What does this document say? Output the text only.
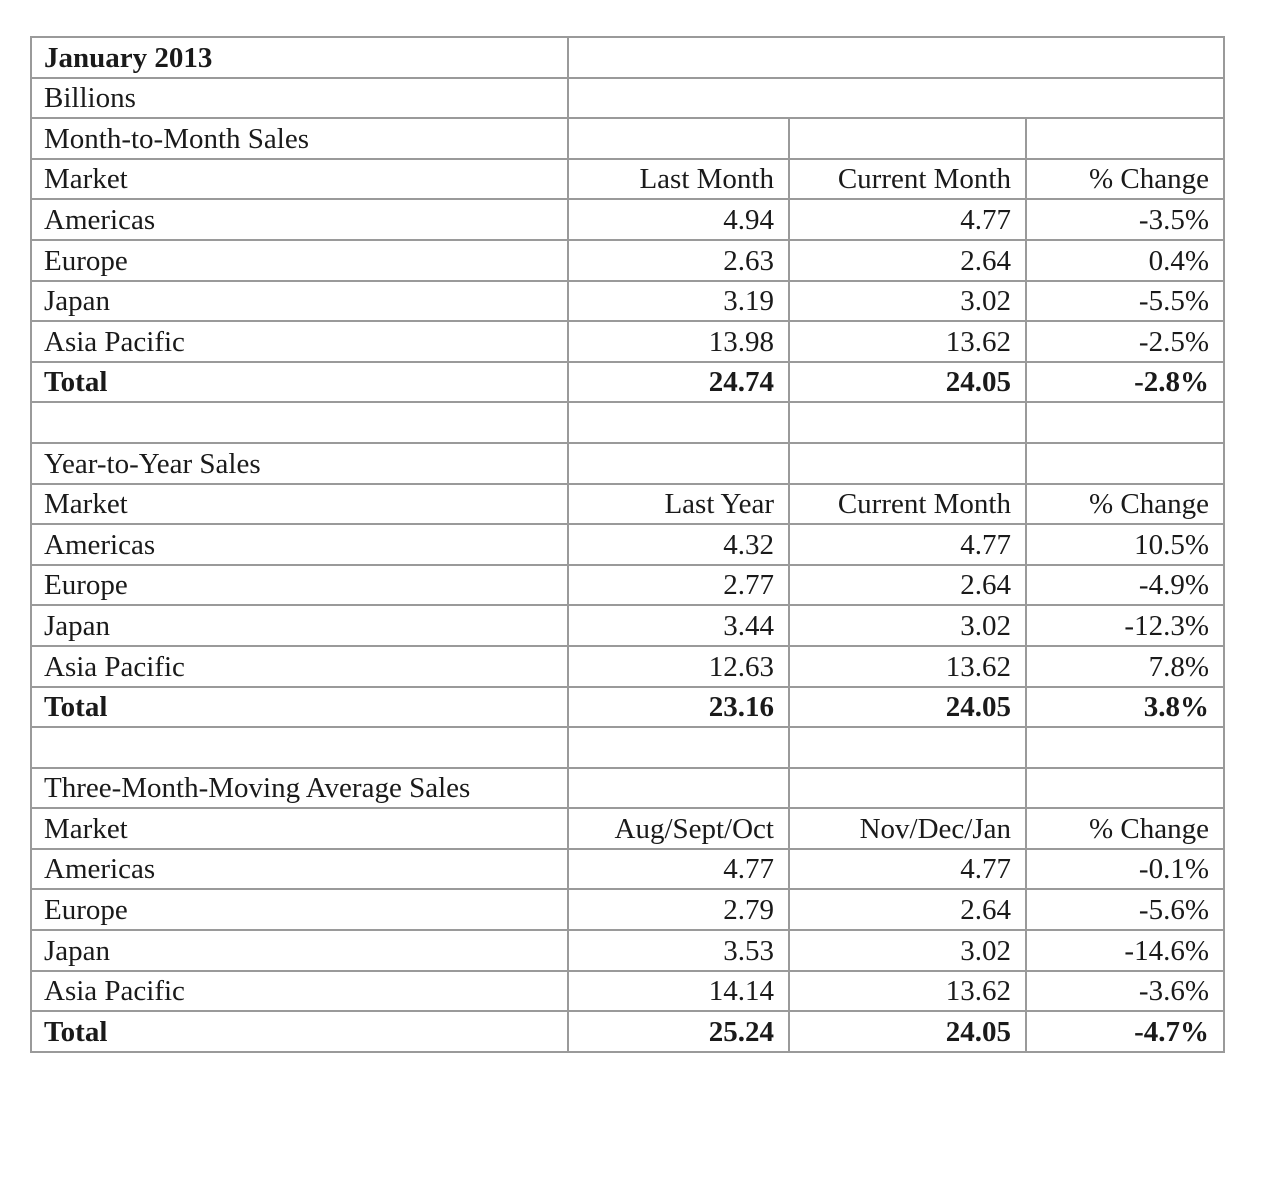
January 2013			
Billions			
Month-to-Month Sales			
Market	Last Month	Current Month	% Change
Americas	4.94	4.77	-3.5%
Europe	2.63	2.64	0.4%
Japan	3.19	3.02	-5.5%
Asia Pacific	13.98	13.62	-2.5%
Total	24.74	24.05	-2.8%

Year-to-Year Sales			
Market	Last Year	Current Month	% Change
Americas	4.32	4.77	10.5%
Europe	2.77	2.64	-4.9%
Japan	3.44	3.02	-12.3%
Asia Pacific	12.63	13.62	7.8%
Total	23.16	24.05	3.8%

Three-Month-Moving Average Sales			
Market	Aug/Sept/Oct	Nov/Dec/Jan	% Change
Americas	4.77	4.77	-0.1%
Europe	2.79	2.64	-5.6%
Japan	3.53	3.02	-14.6%
Asia Pacific	14.14	13.62	-3.6%
Total	25.24	24.05	-4.7%
